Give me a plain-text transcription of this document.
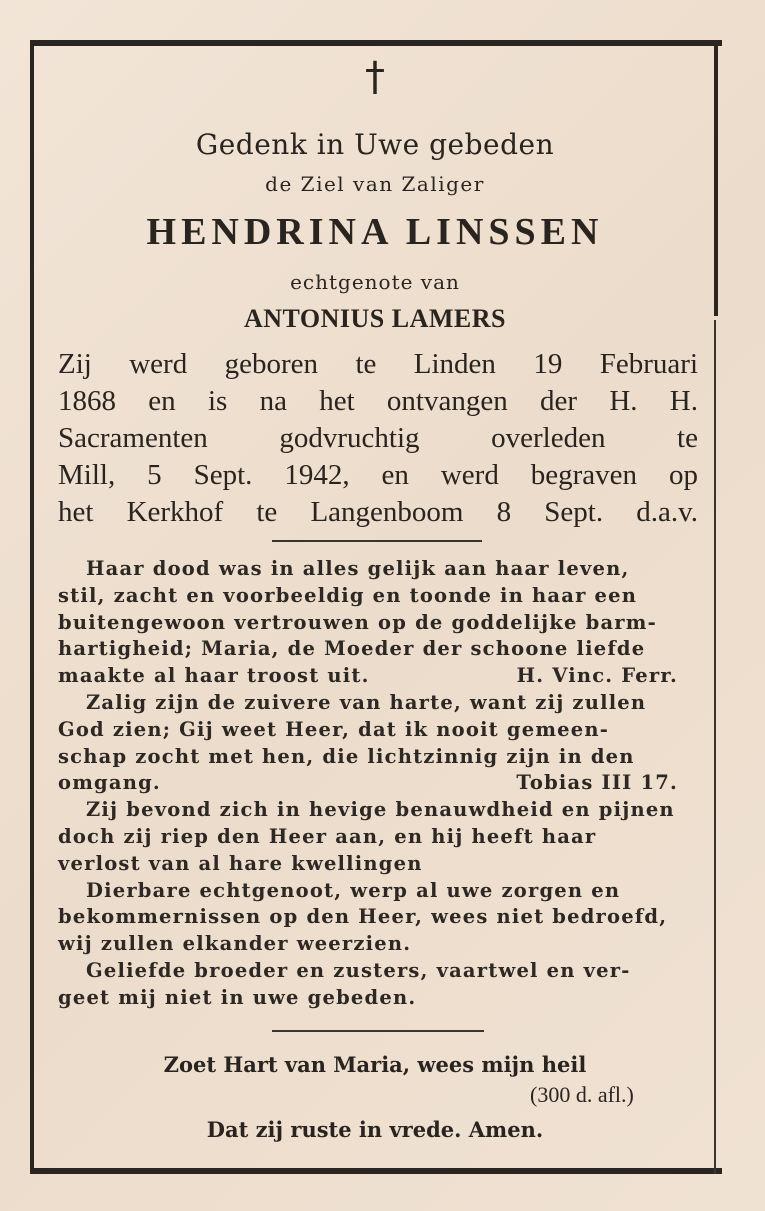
†
Gedenk in Uwe gebeden
de Ziel van Zaliger
HENDRINA LINSSEN
echtgenote van
ANTONIUS LAMERS
Zij werd geboren te Linden 19 Februari
1868 en is na het ontvangen der H. H.
Sacramenten godvruchtig overleden te
Mill, 5 Sept. 1942, en werd begraven op
het Kerkhof te Langenboom 8 Sept. d.a.v.
Haar dood was in alles gelijk aan haar leven,
stil, zacht en voorbeeldig en toonde in haar een
buitengewoon vertrouwen op de goddelijke barm-
hartigheid; Maria, de Moeder der schoone liefde
maakte al haar troost uit.	H. Vinc. Ferr.
Zalig zijn de zuivere van harte, want zij zullen
God zien; Gij weet Heer, dat ik nooit gemeen-
schap zocht met hen, die lichtzinnig zijn in den
omgang.	Tobias III 17.
Zij bevond zich in hevige benauwdheid en pijnen
doch zij riep den Heer aan, en hij heeft haar
verlost van al hare kwellingen
Dierbare echtgenoot, werp al uwe zorgen en
bekommernissen op den Heer, wees niet bedroefd,
wij zullen elkander weerzien.
Geliefde broeder en zusters, vaartwel en ver-
geet mij niet in uwe gebeden.
Zoet Hart van Maria, wees mijn heil
(300 d. afl.)
Dat zij ruste in vrede. Amen.
